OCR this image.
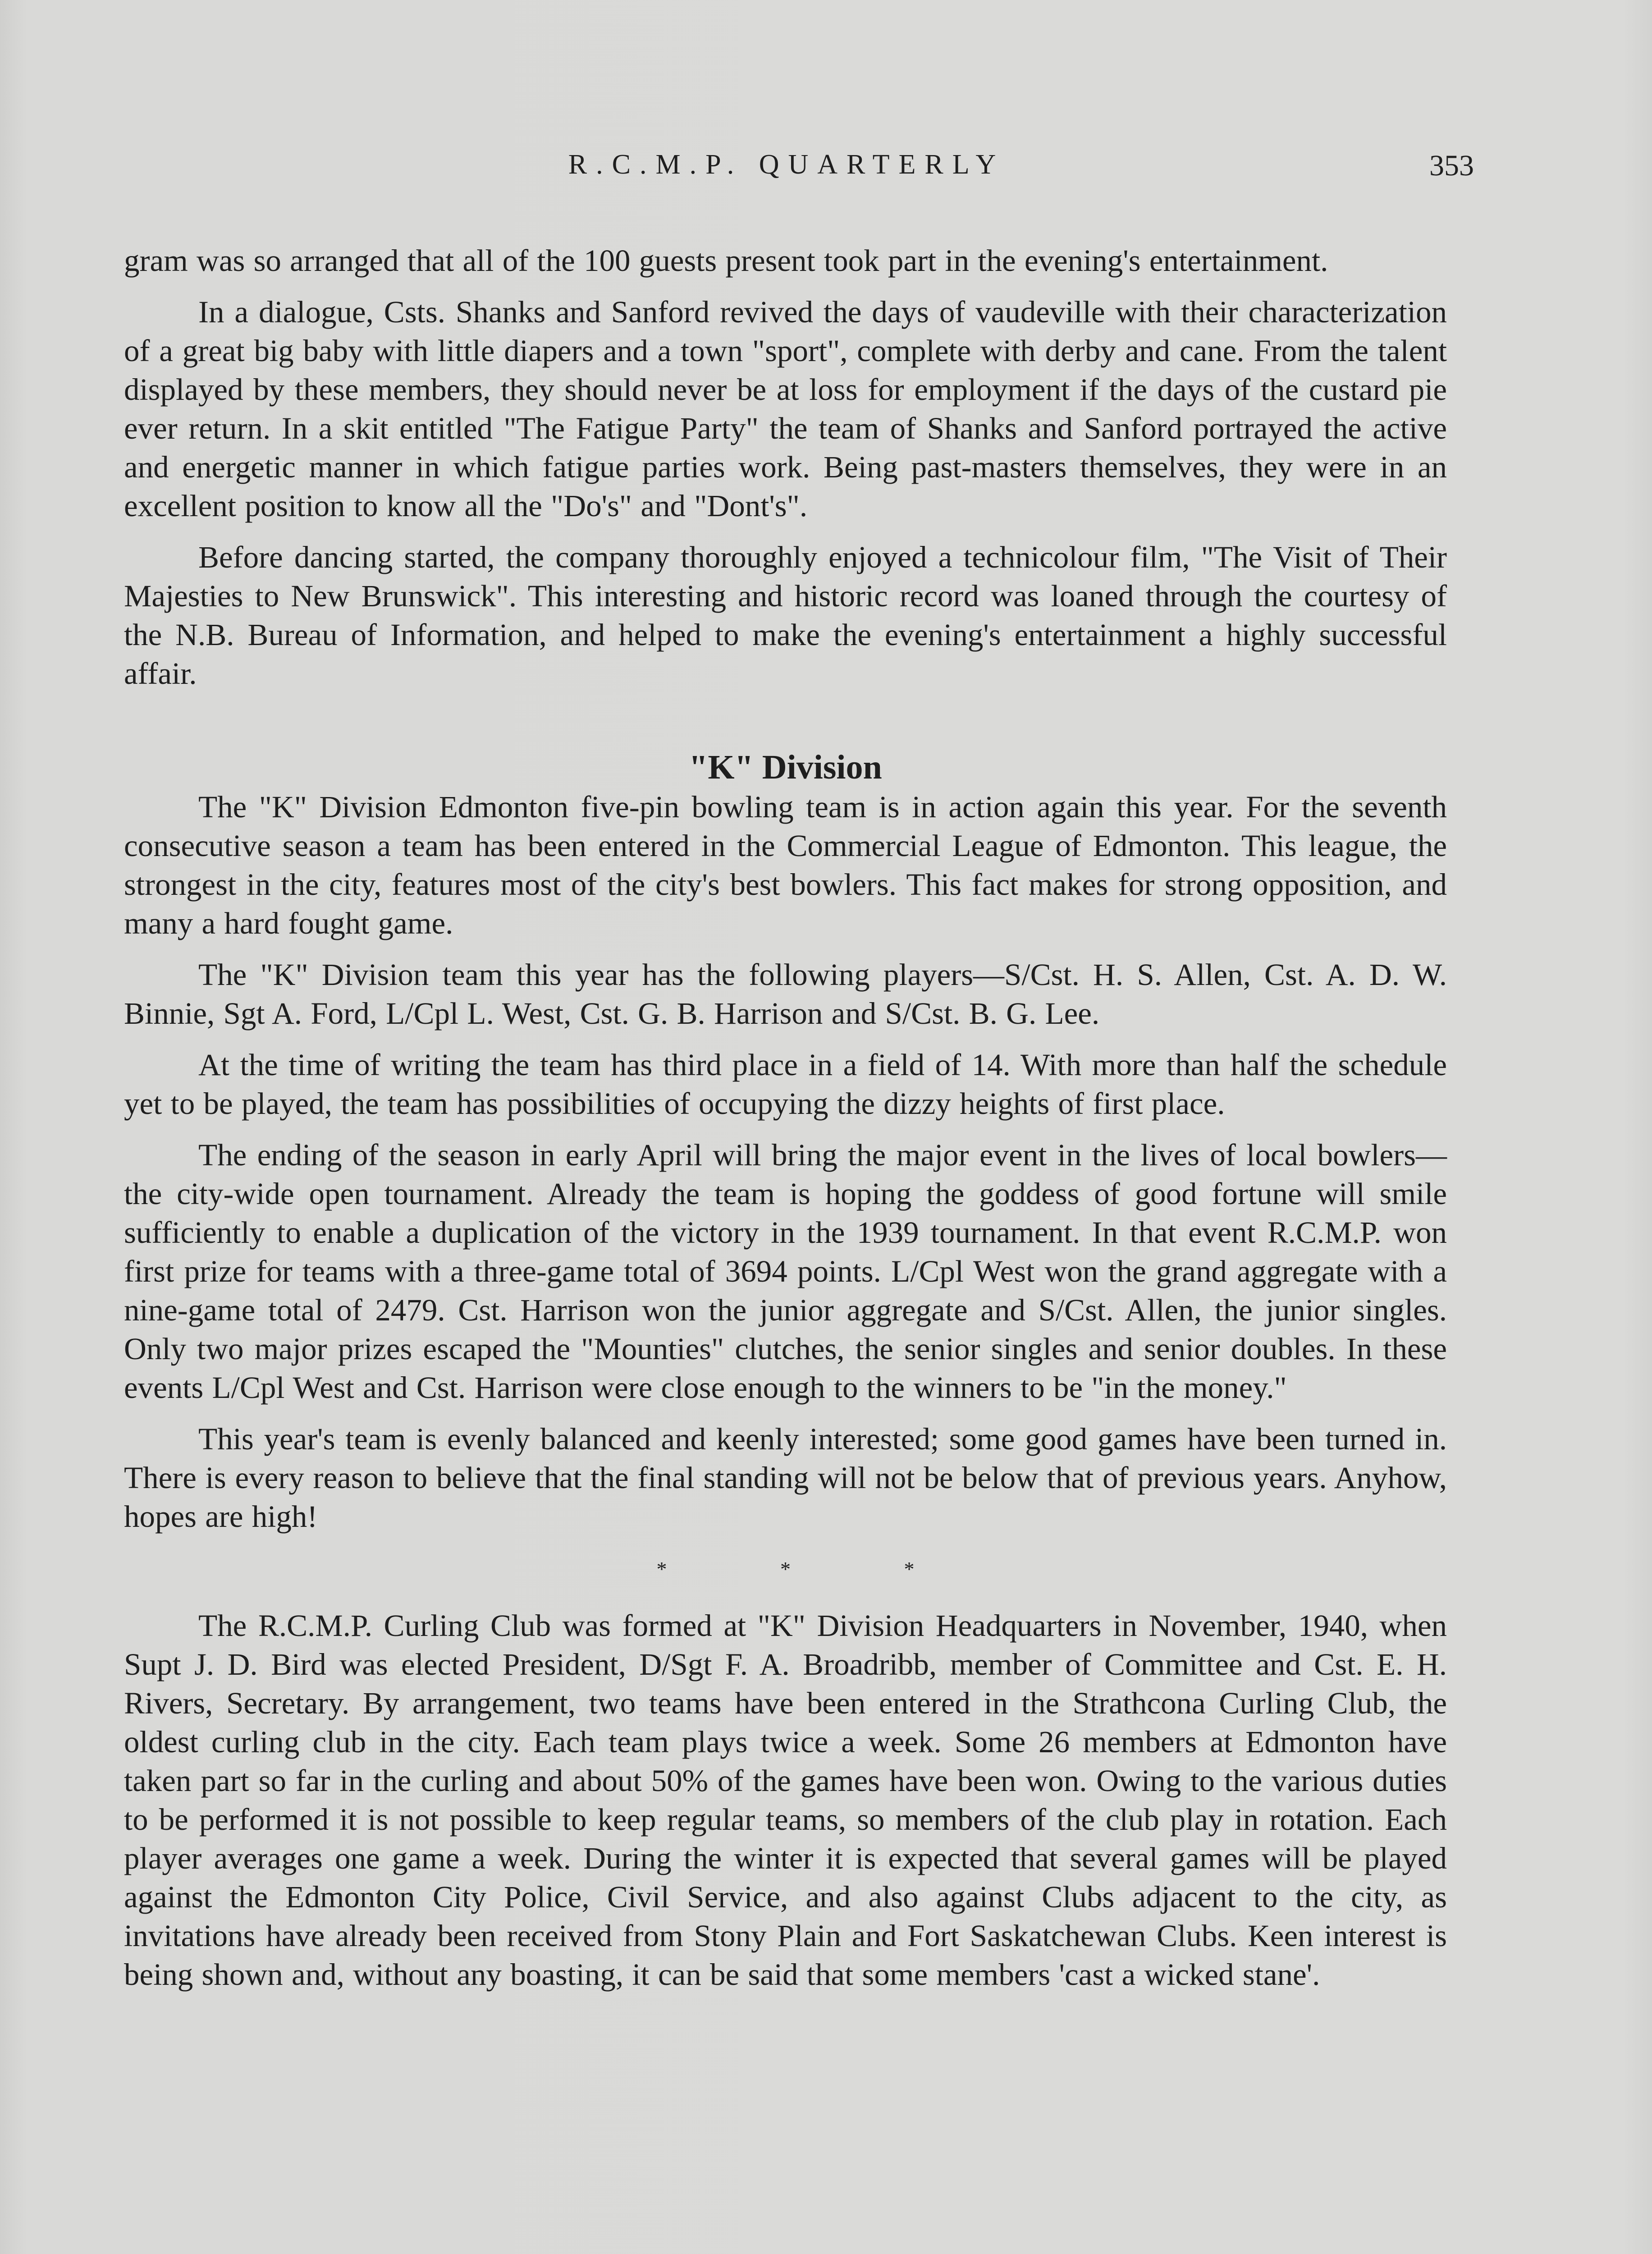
R.C.M.P. QUARTERLY	353

gram was so arranged that all of the 100 guests present took part in the evening's entertainment.

In a dialogue, Csts. Shanks and Sanford revived the days of vaudeville with their characterization of a great big baby with little diapers and a town "sport", complete with derby and cane. From the talent displayed by these members, they should never be at loss for employment if the days of the custard pie ever return. In a skit entitled "The Fatigue Party" the team of Shanks and Sanford portrayed the active and energetic manner in which fatigue parties work. Being past-masters themselves, they were in an excellent position to know all the "Do's" and "Dont's".

Before dancing started, the company thoroughly enjoyed a technicolour film, "The Visit of Their Majesties to New Brunswick". This interesting and historic record was loaned through the courtesy of the N.B. Bureau of Information, and helped to make the evening's entertainment a highly successful affair.

"K" Division

The "K" Division Edmonton five-pin bowling team is in action again this year. For the seventh consecutive season a team has been entered in the Commercial League of Edmonton. This league, the strongest in the city, features most of the city's best bowlers. This fact makes for strong opposition, and many a hard fought game.

The "K" Division team this year has the following players—S/Cst. H. S. Allen, Cst. A. D. W. Binnie, Sgt A. Ford, L/Cpl L. West, Cst. G. B. Harrison and S/Cst. B. G. Lee.

At the time of writing the team has third place in a field of 14. With more than half the schedule yet to be played, the team has possibilities of occupying the dizzy heights of first place.

The ending of the season in early April will bring the major event in the lives of local bowlers—the city-wide open tournament. Already the team is hoping the goddess of good fortune will smile sufficiently to enable a duplication of the victory in the 1939 tournament. In that event R.C.M.P. won first prize for teams with a three-game total of 3694 points. L/Cpl West won the grand aggregate with a nine-game total of 2479. Cst. Harrison won the junior aggregate and S/Cst. Allen, the junior singles. Only two major prizes escaped the "Mounties" clutches, the senior singles and senior doubles. In these events L/Cpl West and Cst. Harrison were close enough to the winners to be "in the money."

This year's team is evenly balanced and keenly interested; some good games have been turned in. There is every reason to believe that the final standing will not be below that of previous years. Anyhow, hopes are high!

*	*	*

The R.C.M.P. Curling Club was formed at "K" Division Headquarters in November, 1940, when Supt J. D. Bird was elected President, D/Sgt F. A. Broadribb, member of Committee and Cst. E. H. Rivers, Secretary. By arrangement, two teams have been entered in the Strathcona Curling Club, the oldest curling club in the city. Each team plays twice a week. Some 26 members at Edmonton have taken part so far in the curling and about 50% of the games have been won. Owing to the various duties to be performed it is not possible to keep regular teams, so members of the club play in rotation. Each player averages one game a week. During the winter it is expected that several games will be played against the Edmonton City Police, Civil Service, and also against Clubs adjacent to the city, as invitations have already been received from Stony Plain and Fort Saskatchewan Clubs. Keen interest is being shown and, without any boasting, it can be said that some members 'cast a wicked stane'.
